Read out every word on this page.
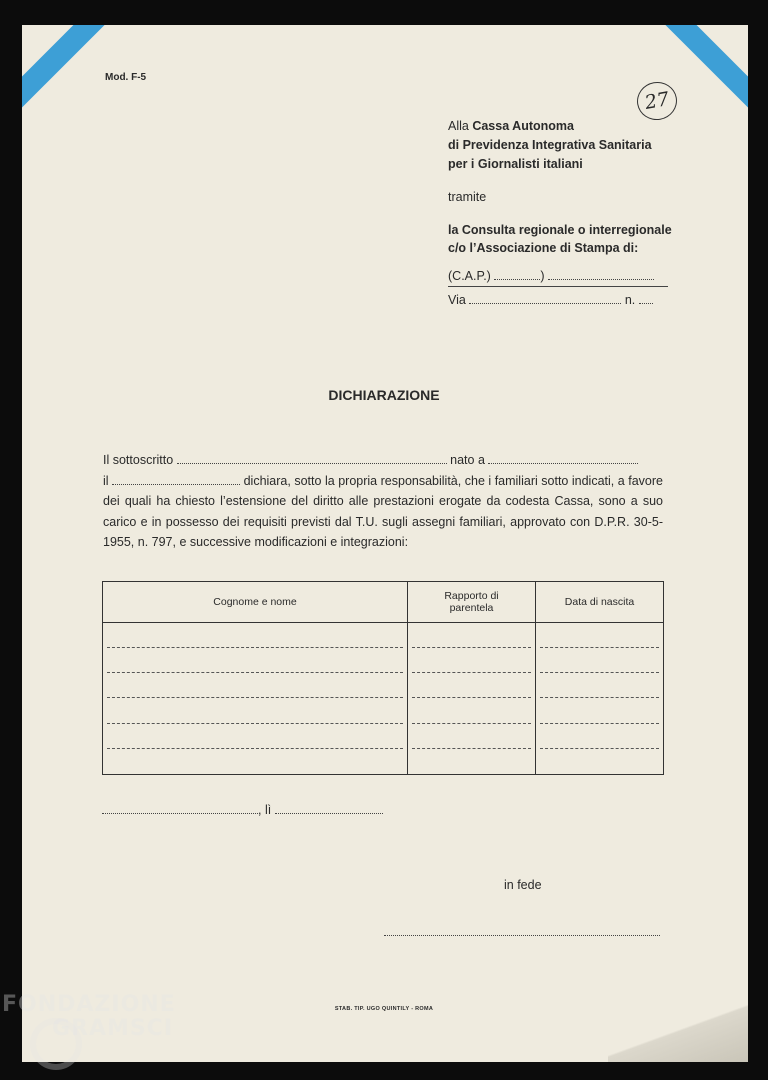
Mod. F-5
27
Alla Cassa Autonoma
di Previdenza Integrativa Sanitaria
per i Giornalisti italiani
tramite
la Consulta regionale o interregionale
c/o l’Associazione di Stampa di:
(C.A.P.)	)
Via	n.
DICHIARAZIONE
Il sottoscritto	nato a
il	dichiara, sotto la propria responsabilità, che i familiari sotto indicati, a favore dei quali ha chiesto l’estensione del diritto alle prestazioni erogate da codesta Cassa, sono a suo carico e in possesso dei requisiti previsti dal T.U. sugli assegni familiari, approvato con D.P.R. 30-5-1955, n. 797, e successive modificazioni e integrazioni:
Cognome e nome	Rapporto di parentela	Data di nascita

, lì
in fede
STAB. TIP. UGO QUINTILY - ROMA
FONDAZIONE
GRAMSCI
